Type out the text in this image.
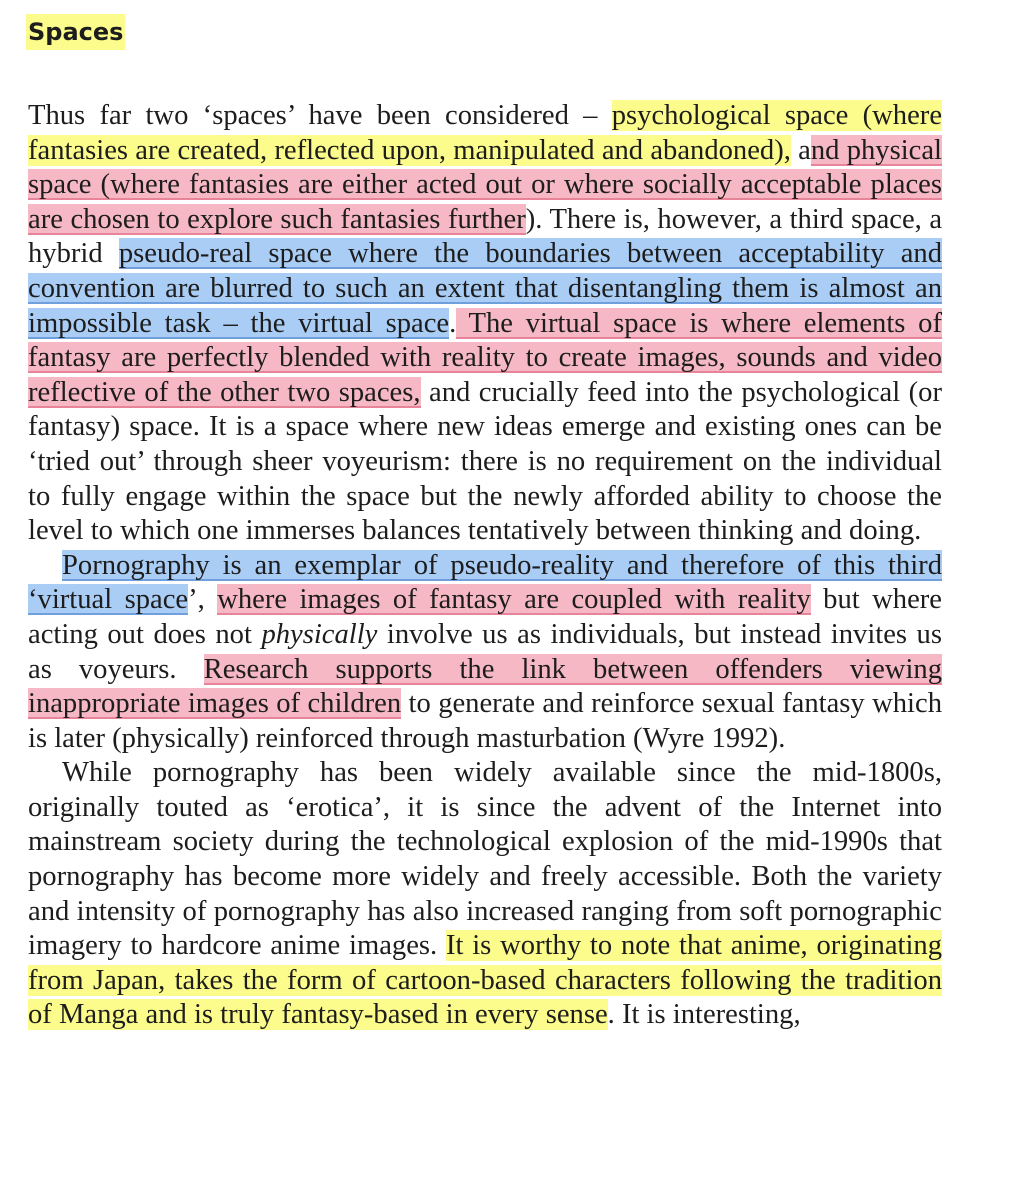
Spaces

Thus far two ‘spaces’ have been considered – psychological space (where fantasies are created, reflected upon, manipulated and abandoned), and physical space (where fantasies are either acted out or where socially acceptable places are chosen to explore such fantasies further). There is, however, a third space, a hybrid pseudo-real space where the boundaries between acceptability and convention are blurred to such an extent that disentangling them is almost an impossible task – the virtual space. The virtual space is where elements of fantasy are perfectly blended with reality to create images, sounds and video reflective of the other two spaces, and crucially feed into the psychological (or fantasy) space. It is a space where new ideas emerge and existing ones can be ‘tried out’ through sheer voyeurism: there is no requirement on the individual to fully engage within the space but the newly afforded ability to choose the level to which one immerses balances tentatively between thinking and doing.

Pornography is an exemplar of pseudo-reality and therefore of this third ‘virtual space’, where images of fantasy are coupled with reality but where acting out does not physically involve us as individuals, but instead invites us as voyeurs. Research supports the link between offenders viewing inappropriate images of children to generate and reinforce sexual fantasy which is later (physically) reinforced through masturbation (Wyre 1992).

While pornography has been widely available since the mid-1800s, originally touted as ‘erotica’, it is since the advent of the Internet into mainstream society during the technological explosion of the mid-1990s that pornography has become more widely and freely accessible. Both the variety and intensity of pornography has also increased ranging from soft pornographic imagery to hardcore anime images. It is worthy to note that anime, originating from Japan, takes the form of cartoon-based characters following the tradition of Manga and is truly fantasy-based in every sense. It is interesting,
